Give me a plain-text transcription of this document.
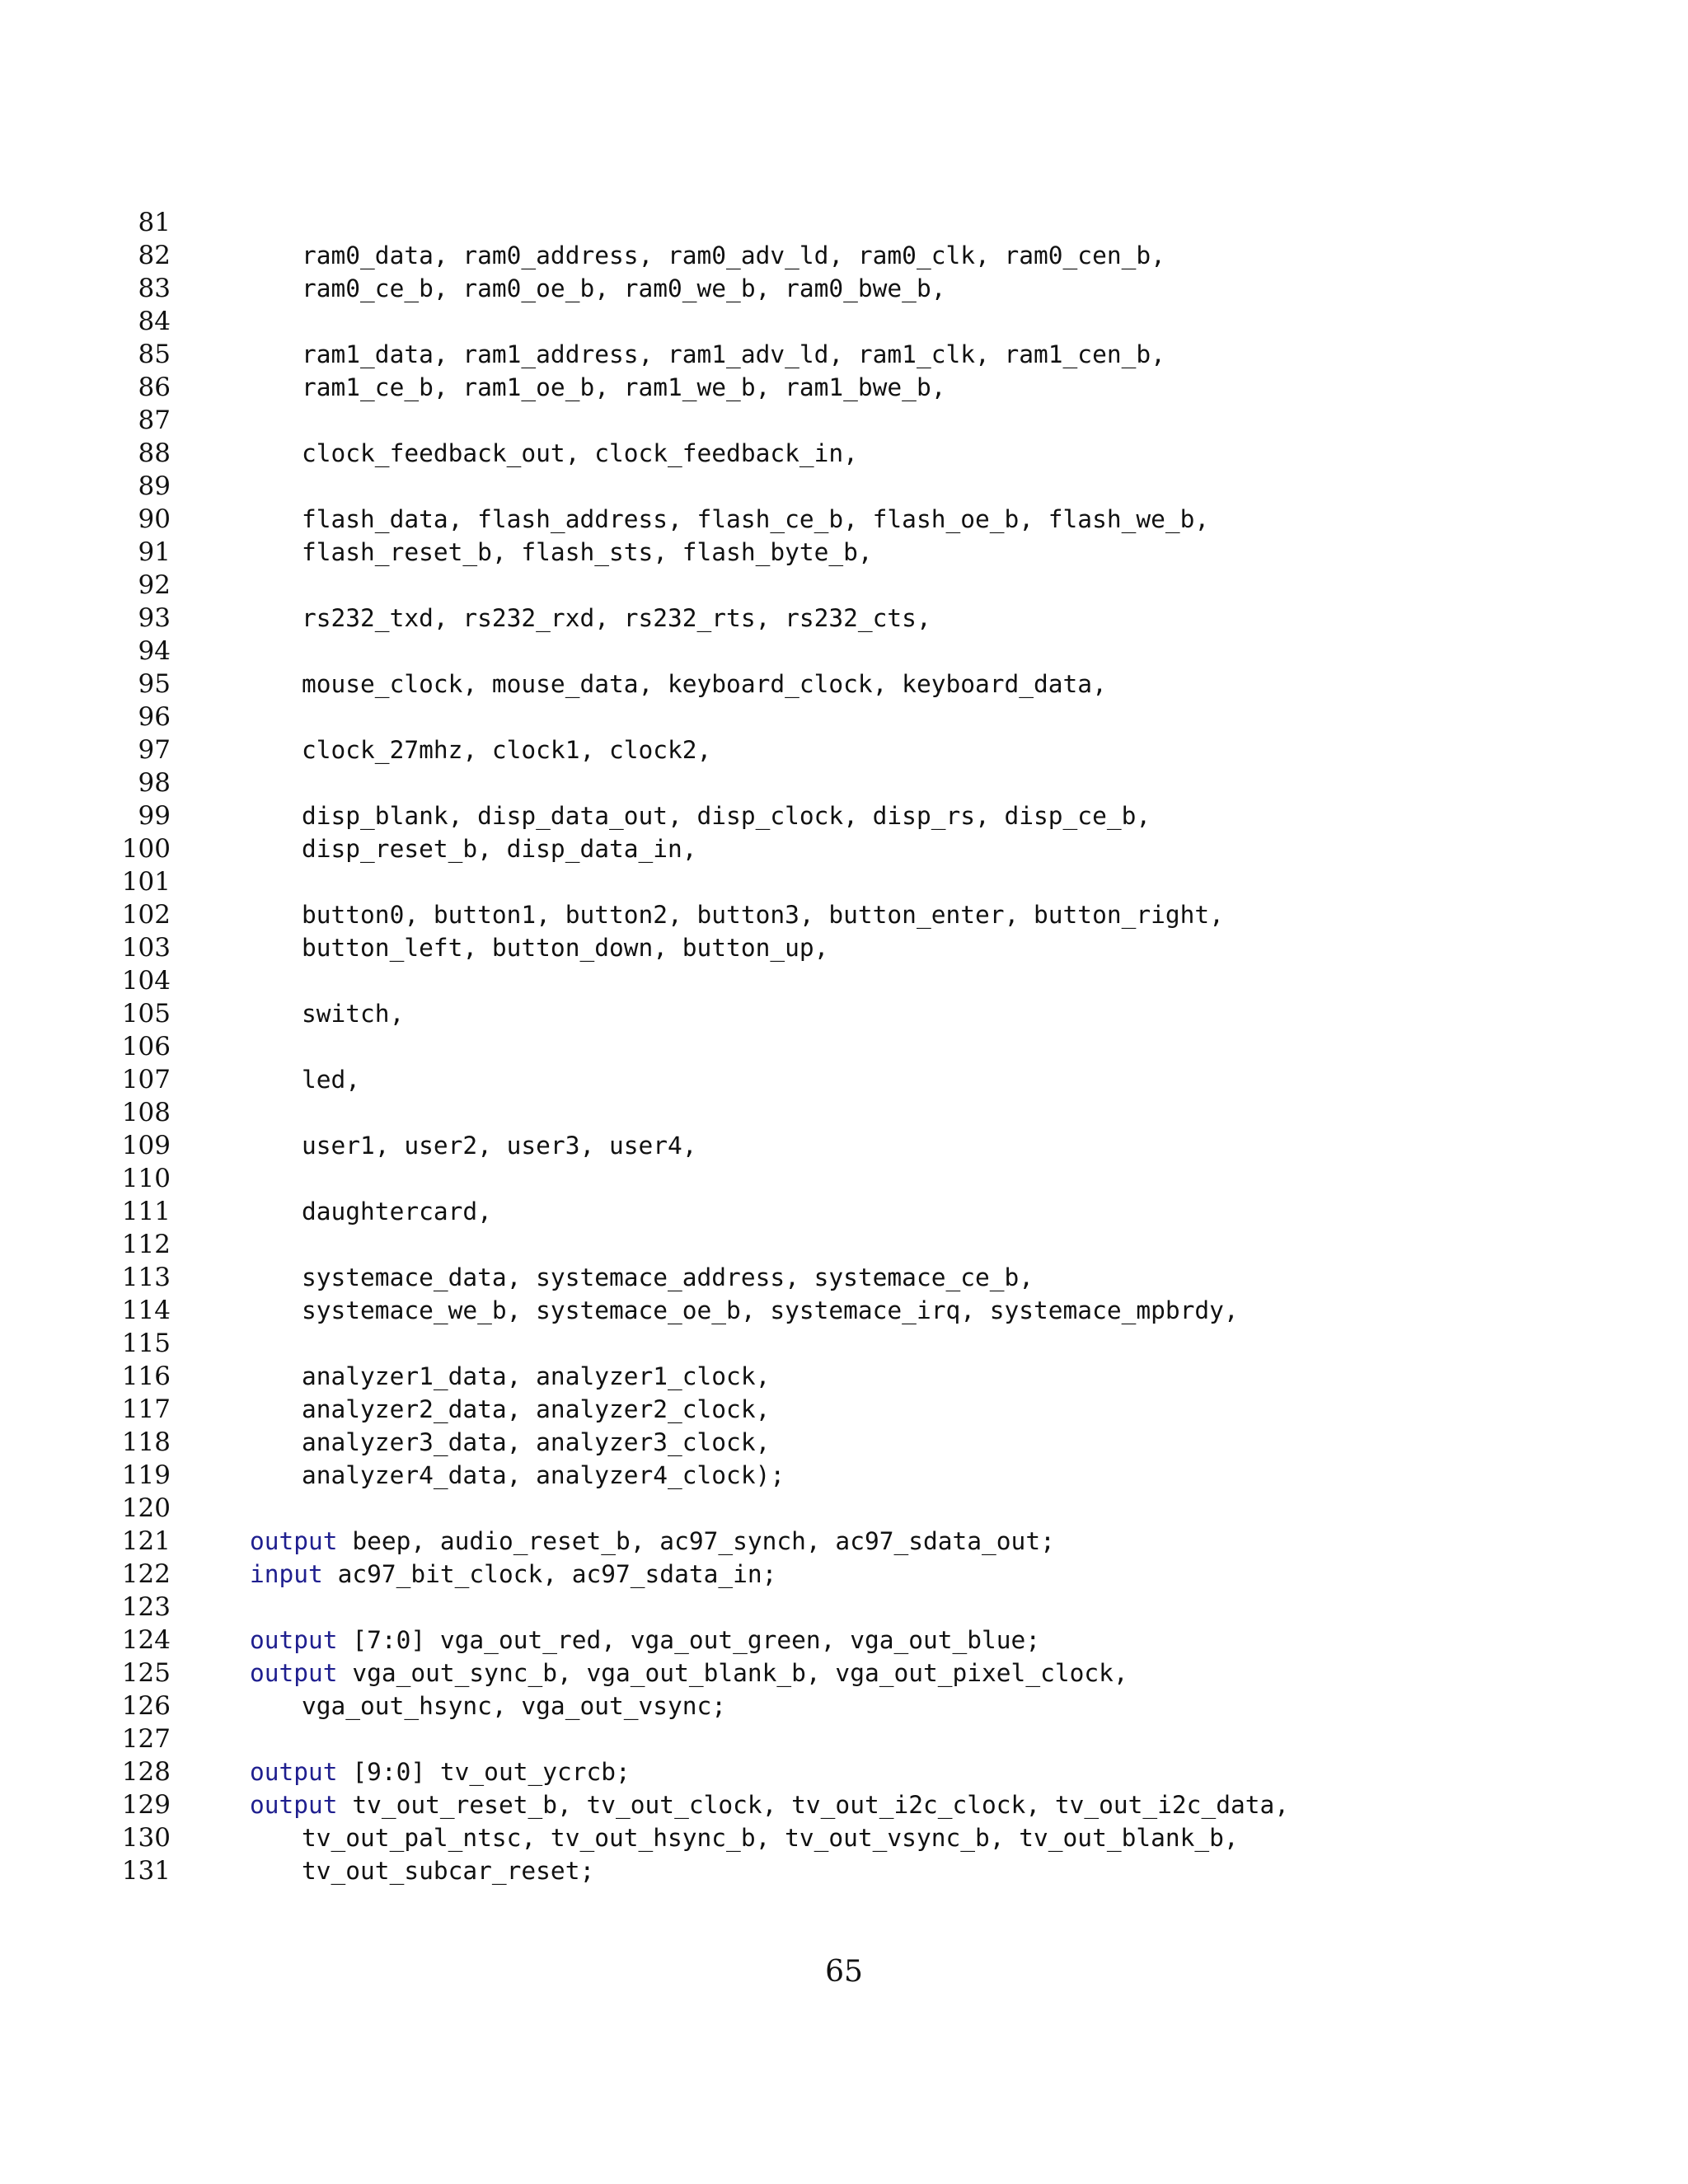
81
82	ram0_data, ram0_address, ram0_adv_ld, ram0_clk, ram0_cen_b,
83	ram0_ce_b, ram0_oe_b, ram0_we_b, ram0_bwe_b,
84
85	ram1_data, ram1_address, ram1_adv_ld, ram1_clk, ram1_cen_b,
86	ram1_ce_b, ram1_oe_b, ram1_we_b, ram1_bwe_b,
87
88	clock_feedback_out, clock_feedback_in,
89
90	flash_data, flash_address, flash_ce_b, flash_oe_b, flash_we_b,
91	flash_reset_b, flash_sts, flash_byte_b,
92
93	rs232_txd, rs232_rxd, rs232_rts, rs232_cts,
94
95	mouse_clock, mouse_data, keyboard_clock, keyboard_data,
96
97	clock_27mhz, clock1, clock2,
98
99	disp_blank, disp_data_out, disp_clock, disp_rs, disp_ce_b,
100	disp_reset_b, disp_data_in,
101
102	button0, button1, button2, button3, button_enter, button_right,
103	button_left, button_down, button_up,
104
105	switch,
106
107	led,
108
109	user1, user2, user3, user4,
110
111	daughtercard,
112
113	systemace_data, systemace_address, systemace_ce_b,
114	systemace_we_b, systemace_oe_b, systemace_irq, systemace_mpbrdy,
115
116	analyzer1_data, analyzer1_clock,
117	analyzer2_data, analyzer2_clock,
118	analyzer3_data, analyzer3_clock,
119	analyzer4_data, analyzer4_clock);
120
121	output beep, audio_reset_b, ac97_synch, ac97_sdata_out;
122	input ac97_bit_clock, ac97_sdata_in;
123
124	output [7:0] vga_out_red, vga_out_green, vga_out_blue;
125	output vga_out_sync_b, vga_out_blank_b, vga_out_pixel_clock,
126	vga_out_hsync, vga_out_vsync;
127
128	output [9:0] tv_out_ycrcb;
129	output tv_out_reset_b, tv_out_clock, tv_out_i2c_clock, tv_out_i2c_data,
130	tv_out_pal_ntsc, tv_out_hsync_b, tv_out_vsync_b, tv_out_blank_b,
131	tv_out_subcar_reset;
65
